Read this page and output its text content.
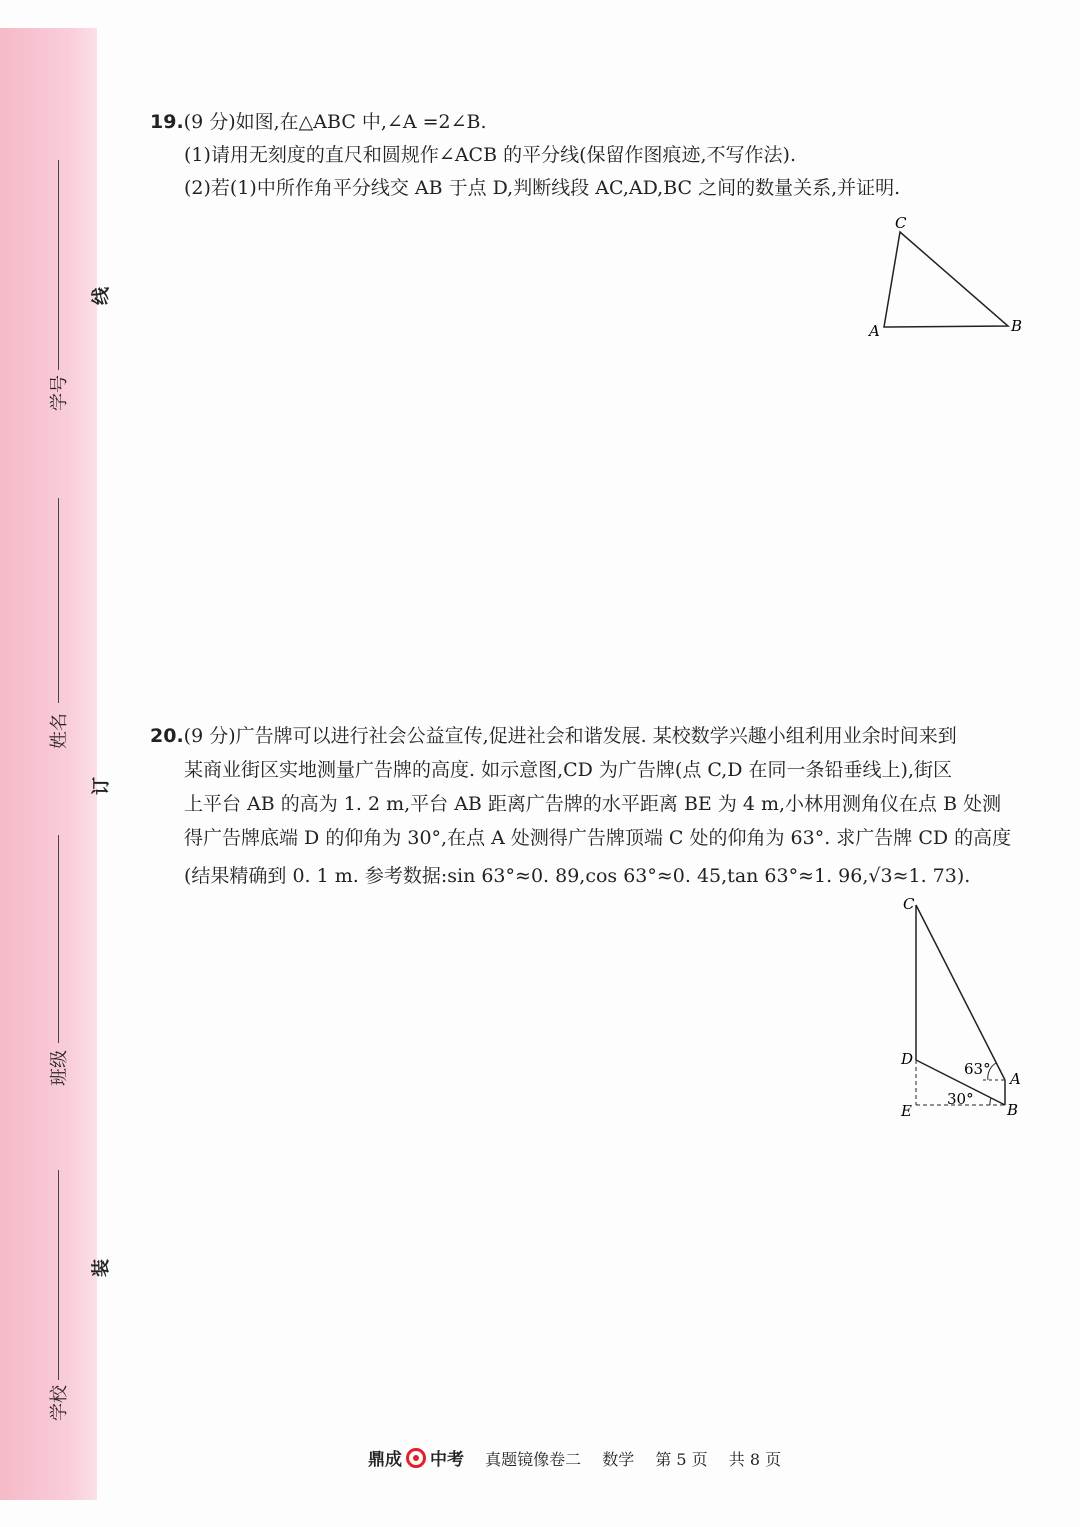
学号
姓名
班级
学校
线
订
装
19.(9 分)如图,在△ABC 中,∠A =2∠B.
(1)请用无刻度的直尺和圆规作∠ACB 的平分线(保留作图痕迹,不写作法).
(2)若(1)中所作角平分线交 AB 于点 D,判断线段 AC,AD,BC 之间的数量关系,并证明.
C
A	B
C
D
E
A
B
63°
30°
20.(9 分)广告牌可以进行社会公益宣传,促进社会和谐发展. 某校数学兴趣小组利用业余时间来到
某商业街区实地测量广告牌的高度. 如示意图,CD 为广告牌(点 C,D 在同一条铅垂线上),街区
上平台 AB 的高为 1. 2 m,平台 AB 距离广告牌的水平距离 BE 为 4 m,小林用测角仪在点 B 处测
得广告牌底端 D 的仰角为 30°,在点 A 处测得广告牌顶端 C 处的仰角为 63°. 求广告牌 CD 的高度
(结果精确到 0. 1 m. 参考数据:sin 63°≈0. 89,cos 63°≈0. 45,tan 63°≈1. 96,√3≈1. 73).
鼎成 中考 真题镜像卷二 数学 第 5 页 共 8 页
